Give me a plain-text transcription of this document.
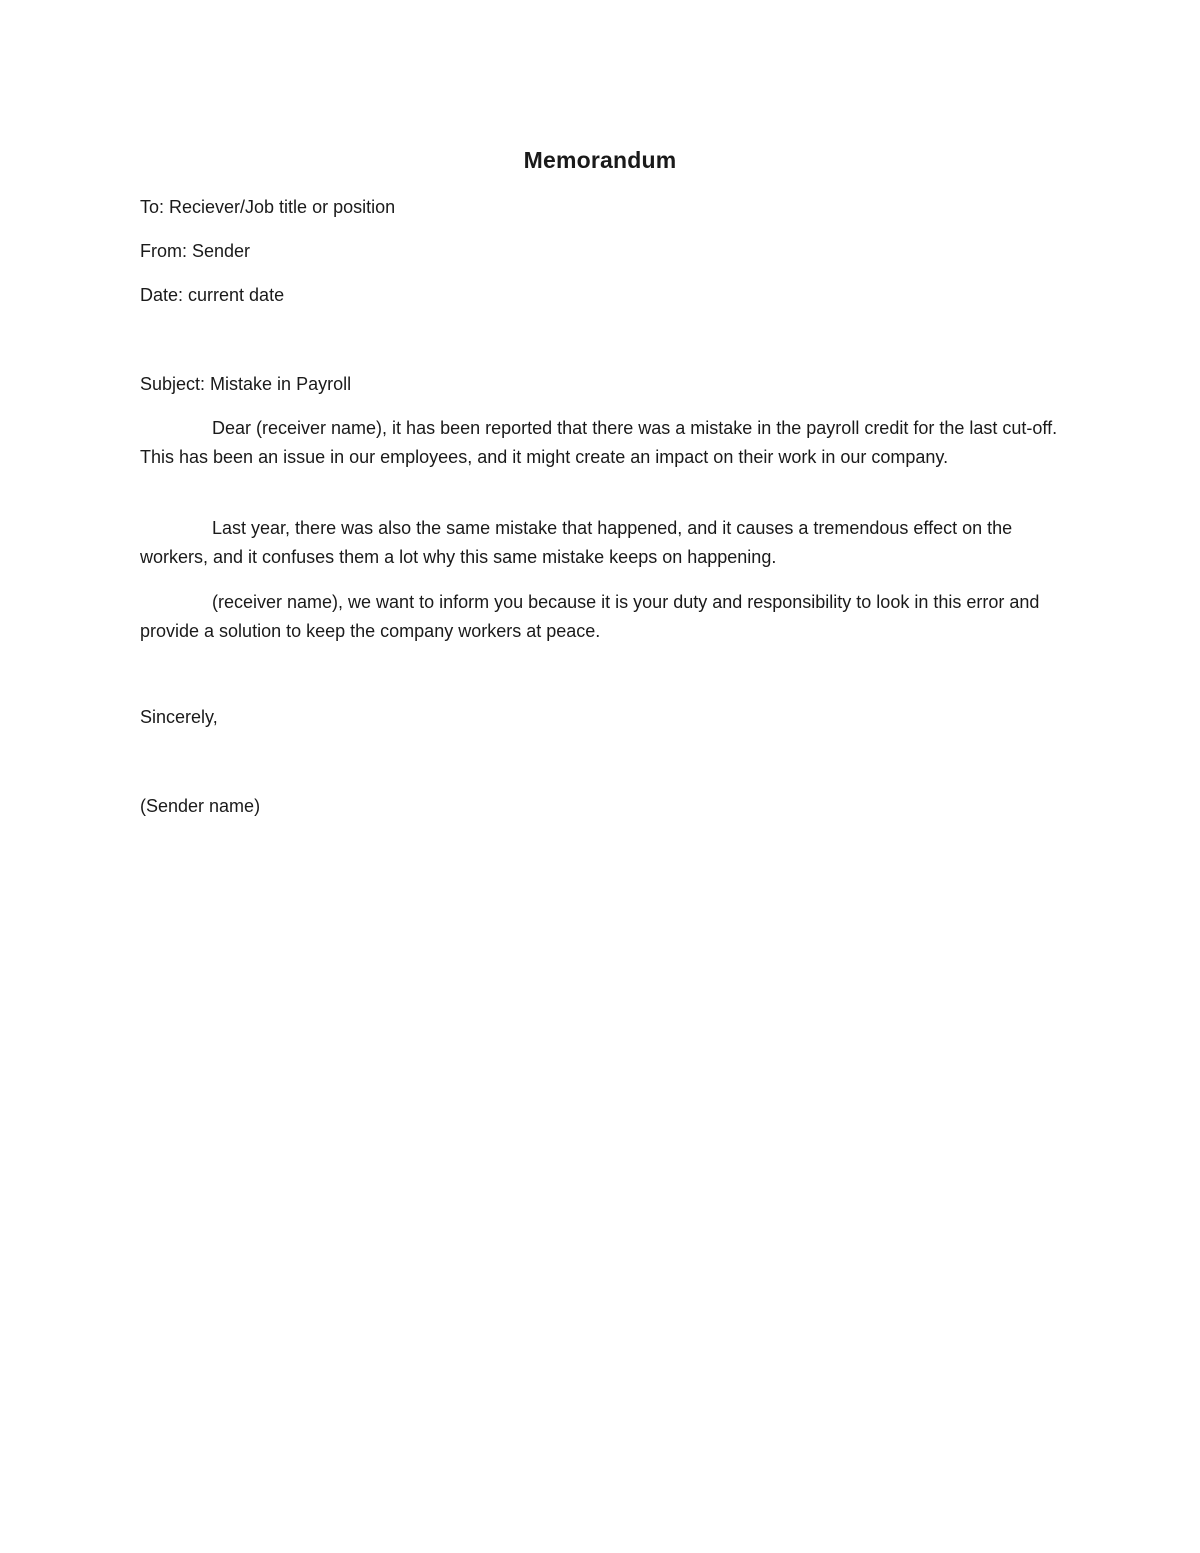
Memorandum
To: Reciever/Job title or position
From: Sender
Date: current date
Subject: Mistake in Payroll

Dear (receiver name), it has been reported that there was a mistake in the payroll credit for the last cut-off. This has been an issue in our employees, and it might create an impact on their work in our company.

Last year, there was also the same mistake that happened, and it causes a tremendous effect on the workers, and it confuses them a lot why this same mistake keeps on happening.

(receiver name), we want to inform you because it is your duty and responsibility to look in this error and provide a solution to keep the company workers at peace.

Sincerely,
(Sender name)
